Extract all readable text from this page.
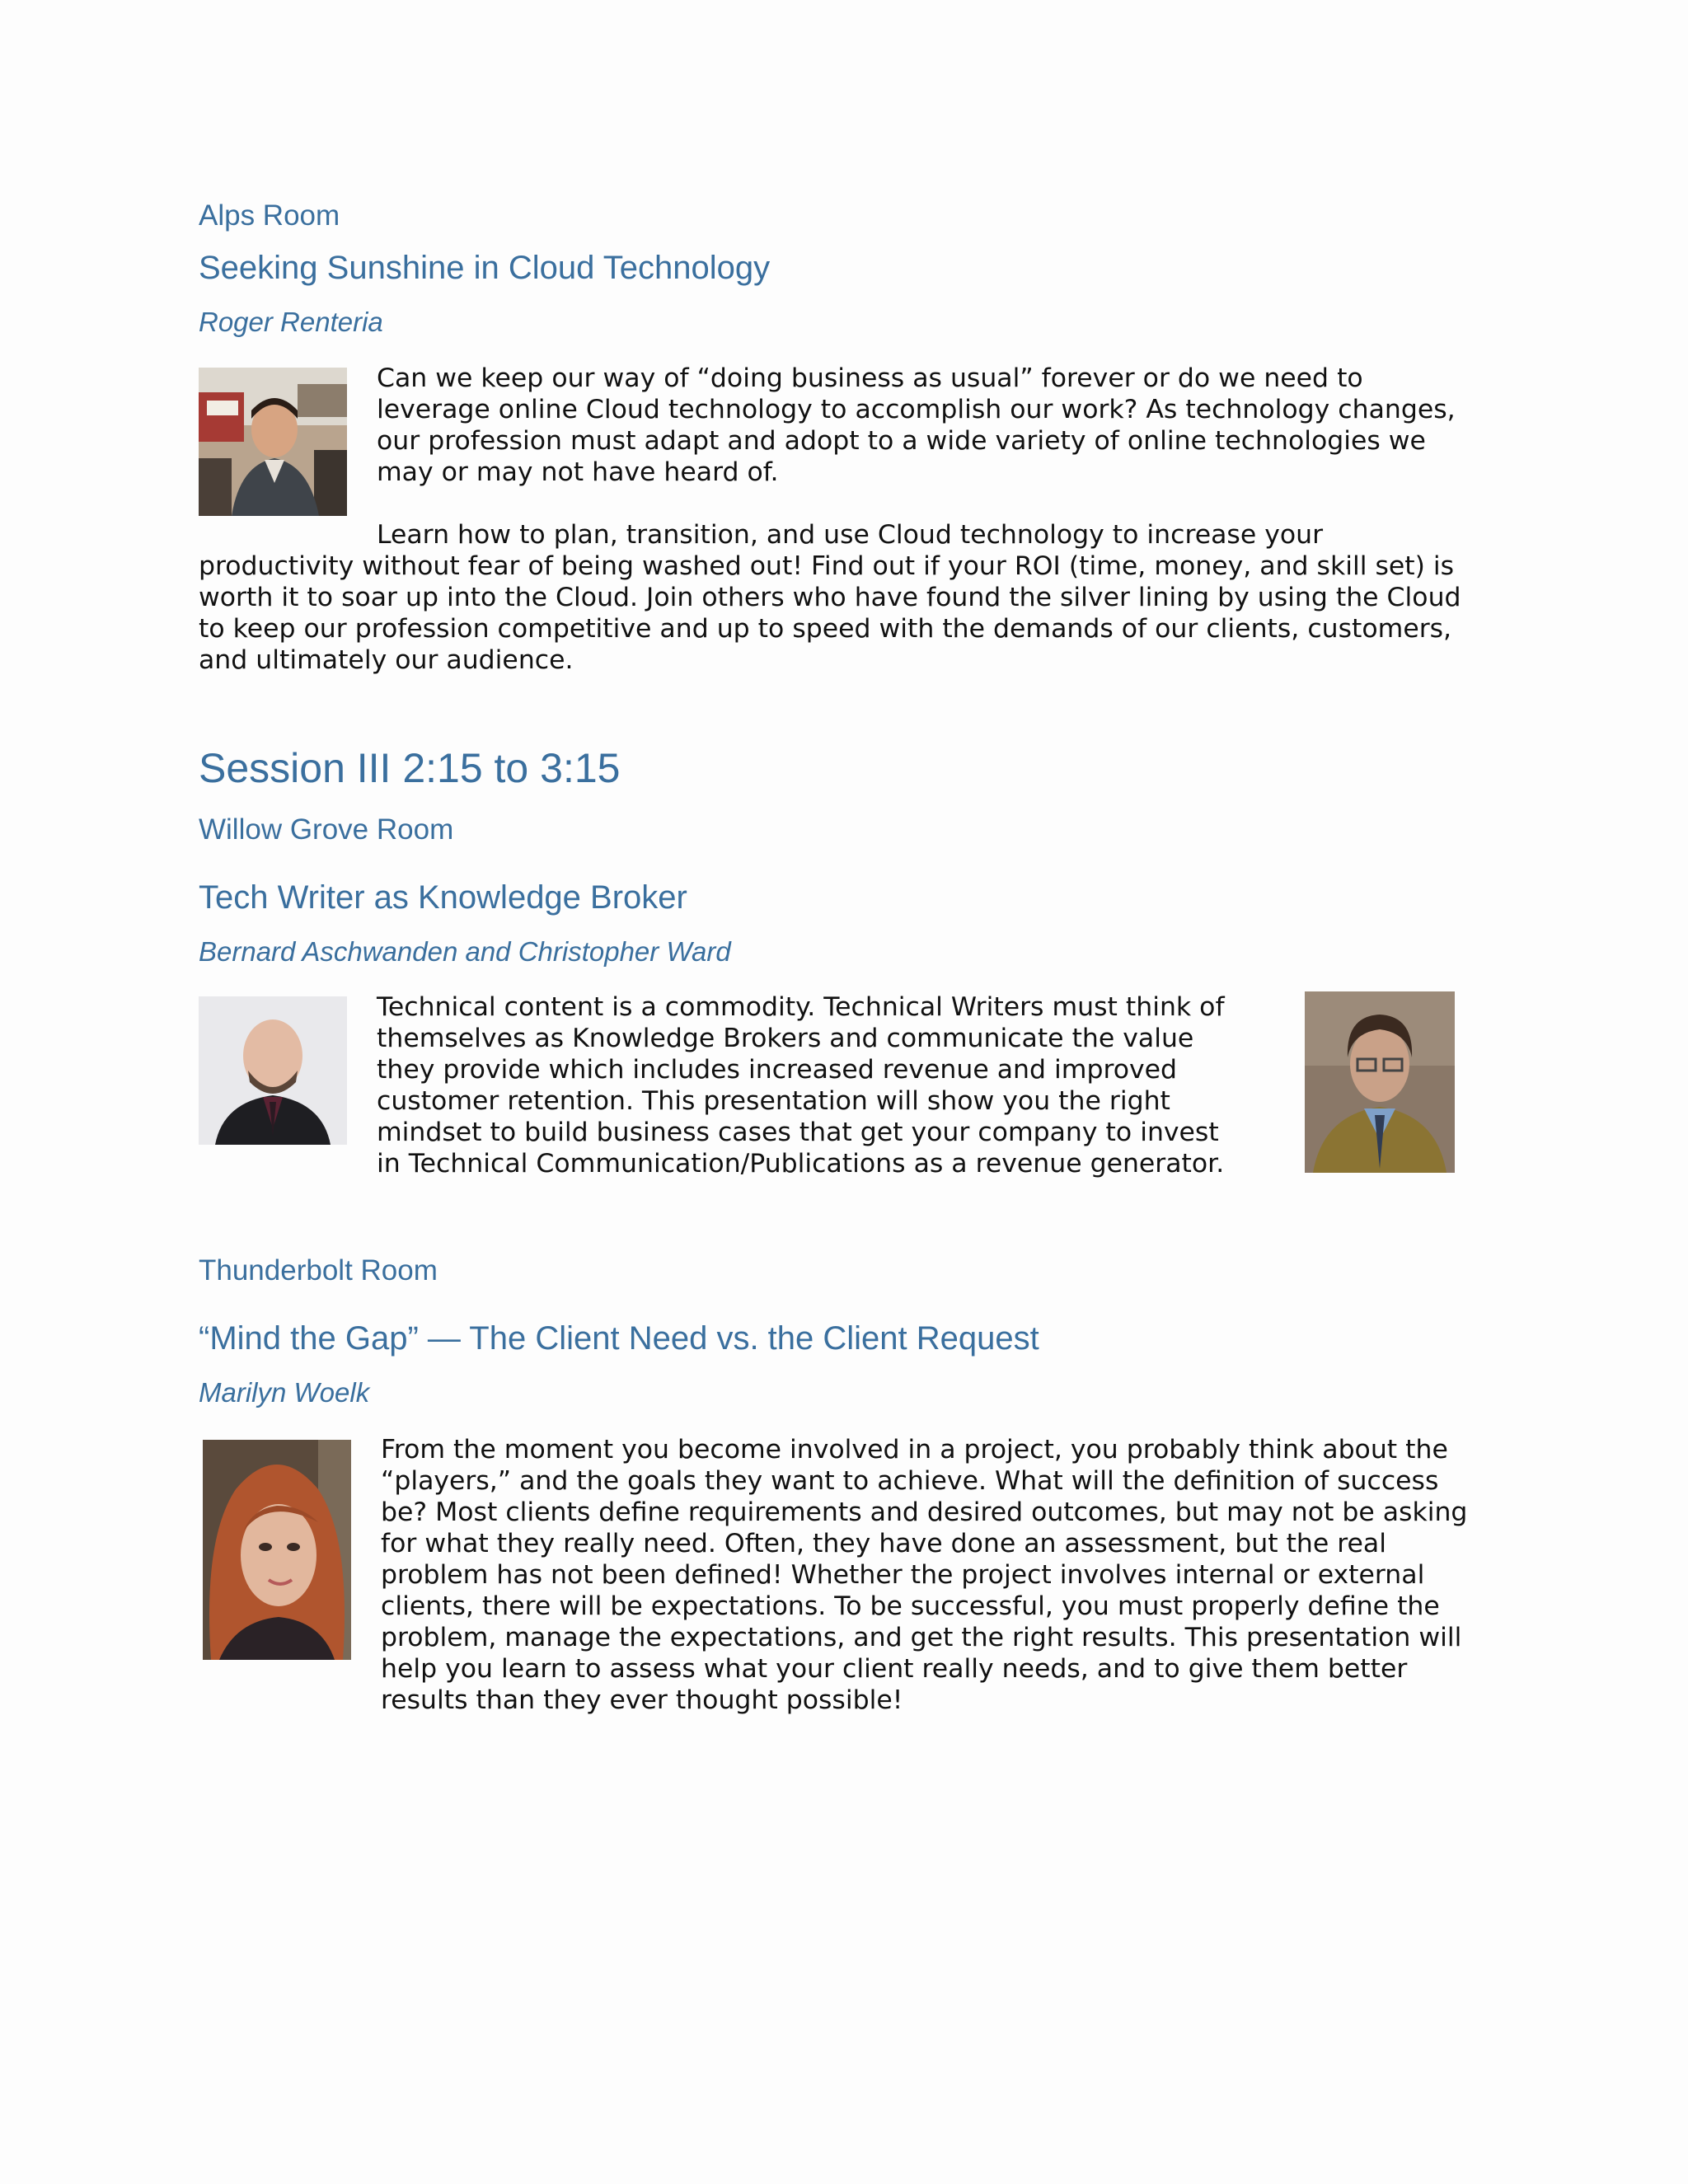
Alps Room
Seeking Sunshine in Cloud Technology
Roger Renteria

Can we keep our way of “doing business as usual” forever or do we need to leverage online Cloud technology to accomplish our work? As technology changes, our profession must adapt and adopt to a wide variety of online technologies we may or may not have heard of.

Learn how to plan, transition, and use Cloud technology to increase your productivity without fear of being washed out! Find out if your ROI (time, money, and skill set) is worth it to soar up into the Cloud. Join others who have found the silver lining by using the Cloud to keep our profession competitive and up to speed with the demands of our clients, customers, and ultimately our audience.

Session III 2:15 to 3:15
Willow Grove Room
Tech Writer as Knowledge Broker
Bernard Aschwanden and Christopher Ward

Technical content is a commodity. Technical Writers must think of themselves as Knowledge Brokers and communicate the value they provide which includes increased revenue and improved customer retention. This presentation will show you the right mindset to build business cases that get your company to invest in Technical Communication/Publications as a revenue generator.

Thunderbolt Room
“Mind the Gap” — The Client Need vs. the Client Request
Marilyn Woelk

From the moment you become involved in a project, you probably think about the “players,” and the goals they want to achieve. What will the definition of success be? Most clients define requirements and desired outcomes, but may not be asking for what they really need. Often, they have done an assessment, but the real problem has not been defined! Whether the project involves internal or external clients, there will be expectations. To be successful, you must properly define the problem, manage the expectations, and get the right results. This presentation will help you learn to assess what your client really needs, and to give them better results than they ever thought possible!
